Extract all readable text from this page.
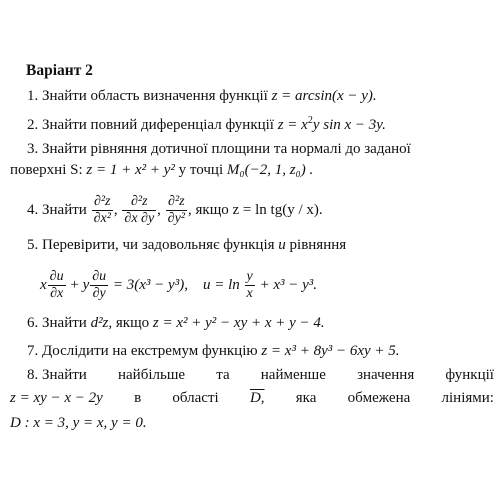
Варіант 2
1. Знайти область визначення функції z = arcsin(x − y).
2. Знайти повний диференціал функції $z = x^2y$ sin x − 3y.
3. Знайти рівняння дотичної площини та нормалі до заданої
поверхні S: z = 1 + x² + y² у точці M₀(−2, 1, z₀) .
4. Знайти $\frac{\text{∂²z}}{\text{∂x²}}$ , $\frac{\text{∂²z}}{\partial x \partial y}$ , $\frac{\text{∂²z}}{\text{∂y²}}$ , якщо z = ln tg(y / x).
5. Перевірити, чи задовольняє функція u рівняння
x $\frac{\partial u}{\partial x} + y \frac{\partial u}{\partial y} = 3(x^3 - y^3)$, $u = \ln \frac{y}{x} + x^3 - y^3$.
6. Знайти d²z, якщо z = x² + y² − xy + x + y − 4.
7. Дослідити на екстремум функцію z = x³ + 8y³ − 6xy + 5.
8. Знайти найбільше та найменше значення функції
z = xy − x − 2y в області D, яка обмежена лініями:
D : x = 3, y = x, y = 0.
